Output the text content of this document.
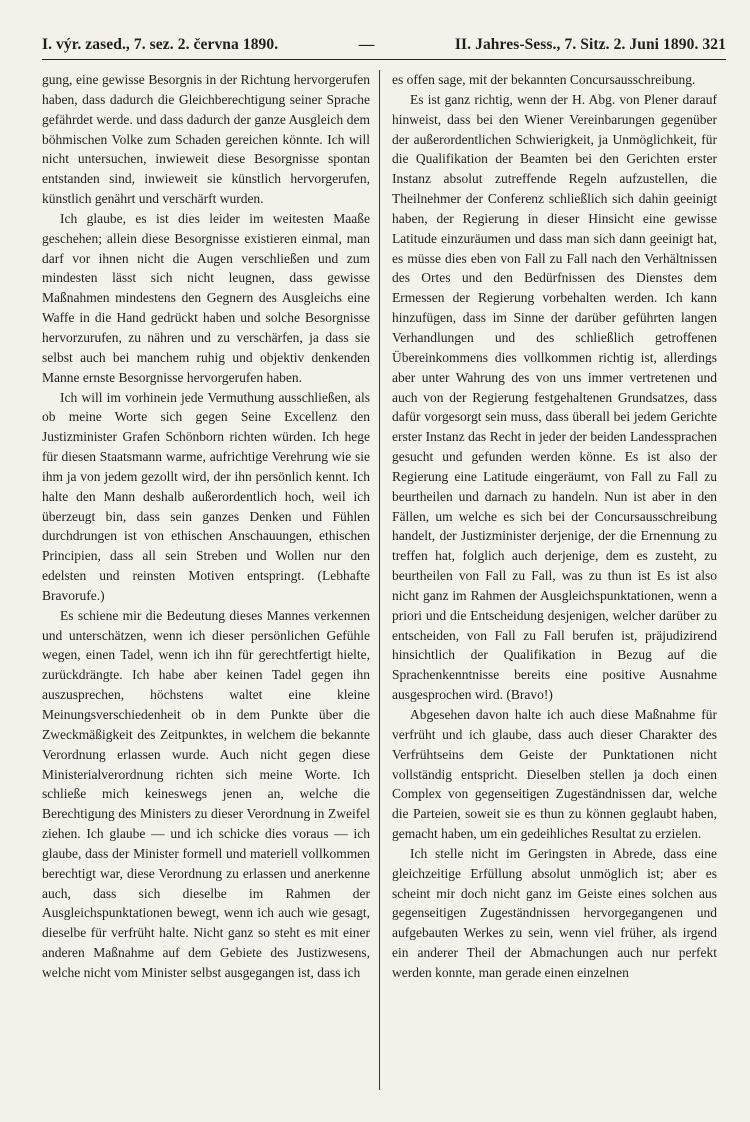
I. výr. zased., 7. sez. 2. června 1890.	—	II. Jahres-Sess., 7. Sitz. 2. Juni 1890. 321

gung, eine gewisse Besorgnis in der Richtung hervorgerufen haben, dass dadurch die Gleichberechtigung seiner Sprache gefährdet werde. und dass dadurch der ganze Ausgleich dem böhmischen Volke zum Schaden gereichen könnte. Ich will nicht untersuchen, inwieweit diese Besorgnisse spontan entstanden sind, inwieweit sie künstlich hervorgerufen, künstlich genährt und verschärft wurden.

Ich glaube, es ist dies leider im weitesten Maaße geschehen; allein diese Besorgnisse existieren einmal, man darf vor ihnen nicht die Augen verschließen und zum mindesten lässt sich nicht leugnen, dass gewisse Maßnahmen mindestens den Gegnern des Ausgleichs eine Waffe in die Hand gedrückt haben und solche Besorgnisse hervorzurufen, zu nähren und zu verschärfen, ja dass sie selbst auch bei manchem ruhig und objektiv denkenden Manne ernste Besorgnisse hervorgerufen haben.

Ich will im vorhinein jede Vermuthung ausschließen, als ob meine Worte sich gegen Seine Excellenz den Justizminister Grafen Schönborn richten würden. Ich hege für diesen Staatsmann warme, aufrichtige Verehrung wie sie ihm ja von jedem gezollt wird, der ihn persönlich kennt. Ich halte den Mann deshalb außerordentlich hoch, weil ich überzeugt bin, dass sein ganzes Denken und Fühlen durchdrungen ist von ethischen Anschauungen, ethischen Principien, dass all sein Streben und Wollen nur den edelsten und reinsten Motiven entspringt. (Lebhafte Bravorufe.)

Es schiene mir die Bedeutung dieses Mannes verkennen und unterschätzen, wenn ich dieser persönlichen Gefühle wegen, einen Tadel, wenn ich ihn für gerechtfertigt hielte, zurückdrängte. Ich habe aber keinen Tadel gegen ihn auszusprechen, höchstens waltet eine kleine Meinungsverschiedenheit ob in dem Punkte über die Zweckmäßigkeit des Zeitpunktes, in welchem die bekannte Verordnung erlassen wurde. Auch nicht gegen diese Ministerialverordnung richten sich meine Worte. Ich schließe mich keineswegs jenen an, welche die Berechtigung des Ministers zu dieser Verordnung in Zweifel ziehen. Ich glaube — und ich schicke dies voraus — ich glaube, dass der Minister formell und materiell vollkommen berechtigt war, diese Verordnung zu erlassen und anerkenne auch, dass sich dieselbe im Rahmen der Ausgleichspunktationen bewegt, wenn ich auch wie gesagt, dieselbe für verfrüht halte. Nicht ganz so steht es mit einer anderen Maßnahme auf dem Gebiete des Justizwesens, welche nicht vom Minister selbst ausgegangen ist, dass ich

es offen sage, mit der bekannten Concursausschreibung.

Es ist ganz richtig, wenn der H. Abg. von Plener darauf hinweist, dass bei den Wiener Vereinbarungen gegenüber der außerordentlichen Schwierigkeit, ja Unmöglichkeit, für die Qualifikation der Beamten bei den Gerichten erster Instanz absolut zutreffende Regeln aufzustellen, die Theilnehmer der Conferenz schließlich sich dahin geeinigt haben, der Regierung in dieser Hinsicht eine gewisse Latitude einzuräumen und dass man sich dann geeinigt hat, es müsse dies eben von Fall zu Fall nach den Verhältnissen des Ortes und den Bedürfnissen des Dienstes dem Ermessen der Regierung vorbehalten werden. Ich kann hinzufügen, dass im Sinne der darüber geführten langen Verhandlungen und des schließlich getroffenen Übereinkommens dies vollkommen richtig ist, allerdings aber unter Wahrung des von uns immer vertretenen und auch von der Regierung festgehaltenen Grundsatzes, dass dafür vorgesorgt sein muss, dass überall bei jedem Gerichte erster Instanz das Recht in jeder der beiden Landessprachen gesucht und gefunden werden könne. Es ist also der Regierung eine Latitude eingeräumt, von Fall zu Fall zu beurtheilen und darnach zu handeln. Nun ist aber in den Fällen, um welche es sich bei der Concursausschreibung handelt, der Justizminister derjenige, der die Ernennung zu treffen hat, folglich auch derjenige, dem es zusteht, zu beurtheilen von Fall zu Fall, was zu thun ist Es ist also nicht ganz im Rahmen der Ausgleichspunktationen, wenn a priori und die Entscheidung desjenigen, welcher darüber zu entscheiden, von Fall zu Fall berufen ist, präjudizirend hinsichtlich der Qualifikation in Bezug auf die Sprachenkenntnisse bereits eine positive Ausnahme ausgesprochen wird. (Bravo!)

Abgesehen davon halte ich auch diese Maßnahme für verfrüht und ich glaube, dass auch dieser Charakter des Verfrühtseins dem Geiste der Punktationen nicht vollständig entspricht. Dieselben stellen ja doch einen Complex von gegenseitigen Zugeständnissen dar, welche die Parteien, soweit sie es thun zu können geglaubt haben, gemacht haben, um ein gedeihliches Resultat zu erzielen.

Ich stelle nicht im Geringsten in Abrede, dass eine gleichzeitige Erfüllung absolut unmöglich ist; aber es scheint mir doch nicht ganz im Geiste eines solchen aus gegenseitigen Zugeständnissen hervorgegangenen und aufgebauten Werkes zu sein, wenn viel früher, als irgend ein anderer Theil der Abmachungen auch nur perfekt werden konnte, man gerade einen einzelnen
